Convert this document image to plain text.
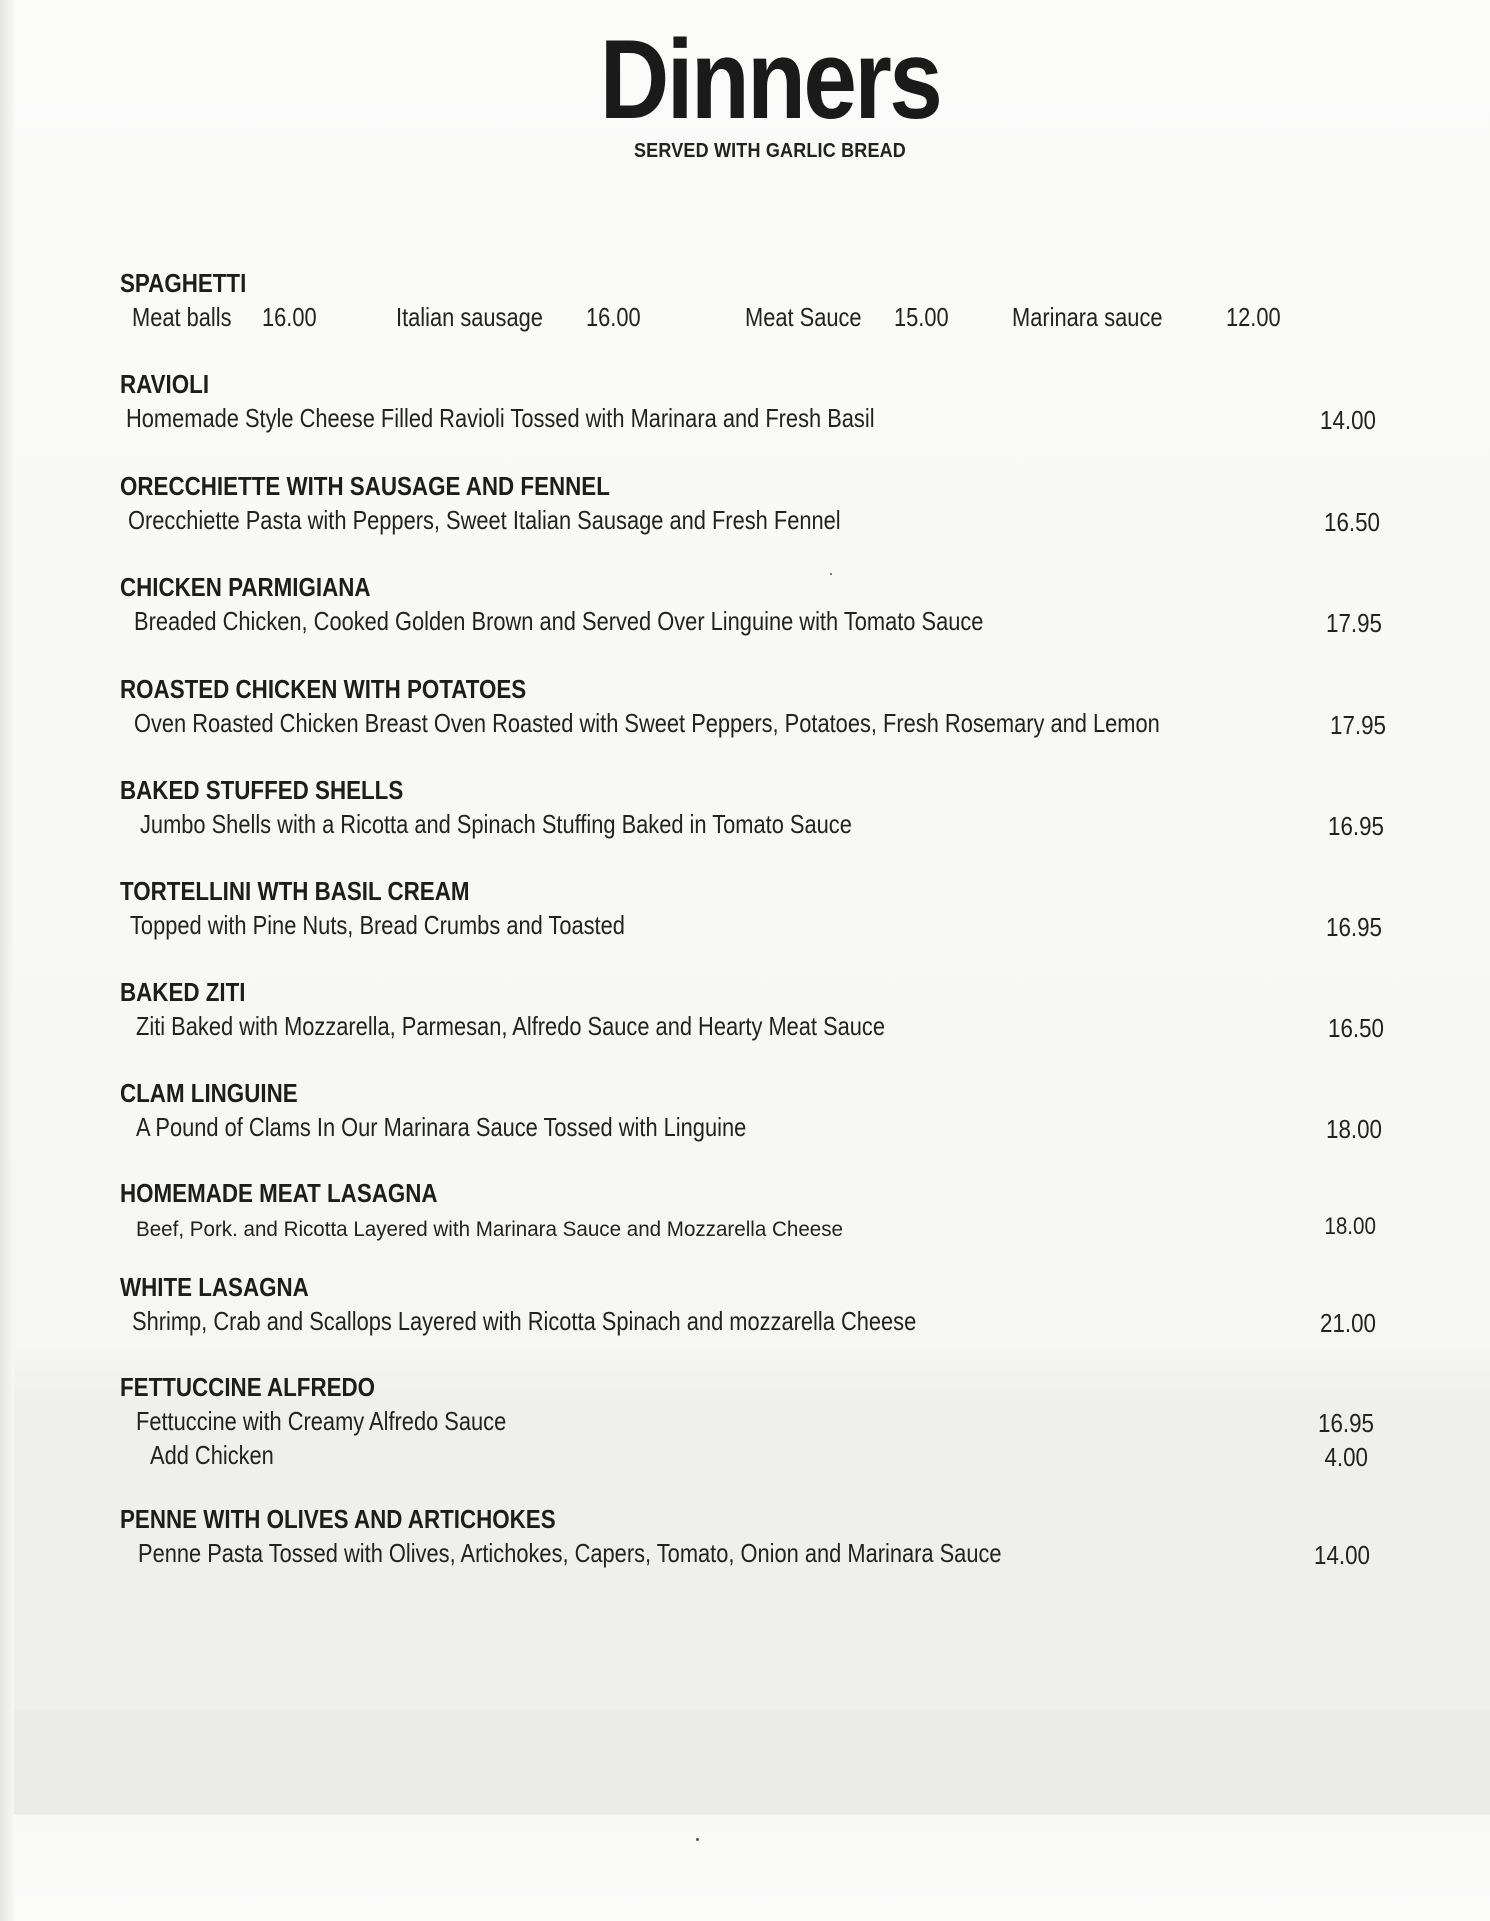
Dinners
SERVED WITH GARLIC BREAD
SPAGHETTI
Meat balls 16.00	Italian sausage 16.00	Meat Sauce 15.00 Marinara sauce 12.00
RAVIOLI
Homemade Style Cheese Filled Ravioli Tossed with Marinara and Fresh Basil	14.00
ORECCHIETTE WITH SAUSAGE AND FENNEL
Orecchiette Pasta with Peppers, Sweet Italian Sausage and Fresh Fennel	16.50
CHICKEN PARMIGIANA
Breaded Chicken, Cooked Golden Brown and Served Over Linguine with Tomato Sauce	17.95
ROASTED CHICKEN WITH POTATOES
Oven Roasted Chicken Breast Oven Roasted with Sweet Peppers, Potatoes, Fresh Rosemary and Lemon	17.95
BAKED STUFFED SHELLS
Jumbo Shells with a Ricotta and Spinach Stuffing Baked in Tomato Sauce	16.95
TORTELLINI WTH BASIL CREAM
Topped with Pine Nuts, Bread Crumbs and Toasted	16.95
BAKED ZITI
Ziti Baked with Mozzarella, Parmesan, Alfredo Sauce and Hearty Meat Sauce	16.50
CLAM LINGUINE
A Pound of Clams In Our Marinara Sauce Tossed with Linguine	18.00
HOMEMADE MEAT LASAGNA
Beef, Pork. and Ricotta Layered with Marinara Sauce and Mozzarella Cheese	18.00
WHITE LASAGNA
Shrimp, Crab and Scallops Layered with Ricotta Spinach and mozzarella Cheese	21.00
FETTUCCINE ALFREDO
Fettuccine with Creamy Alfredo Sauce	16.95
Add Chicken	4.00
PENNE WITH OLIVES AND ARTICHOKES
Penne Pasta Tossed with Olives, Artichokes, Capers, Tomato, Onion and Marinara Sauce	14.00
